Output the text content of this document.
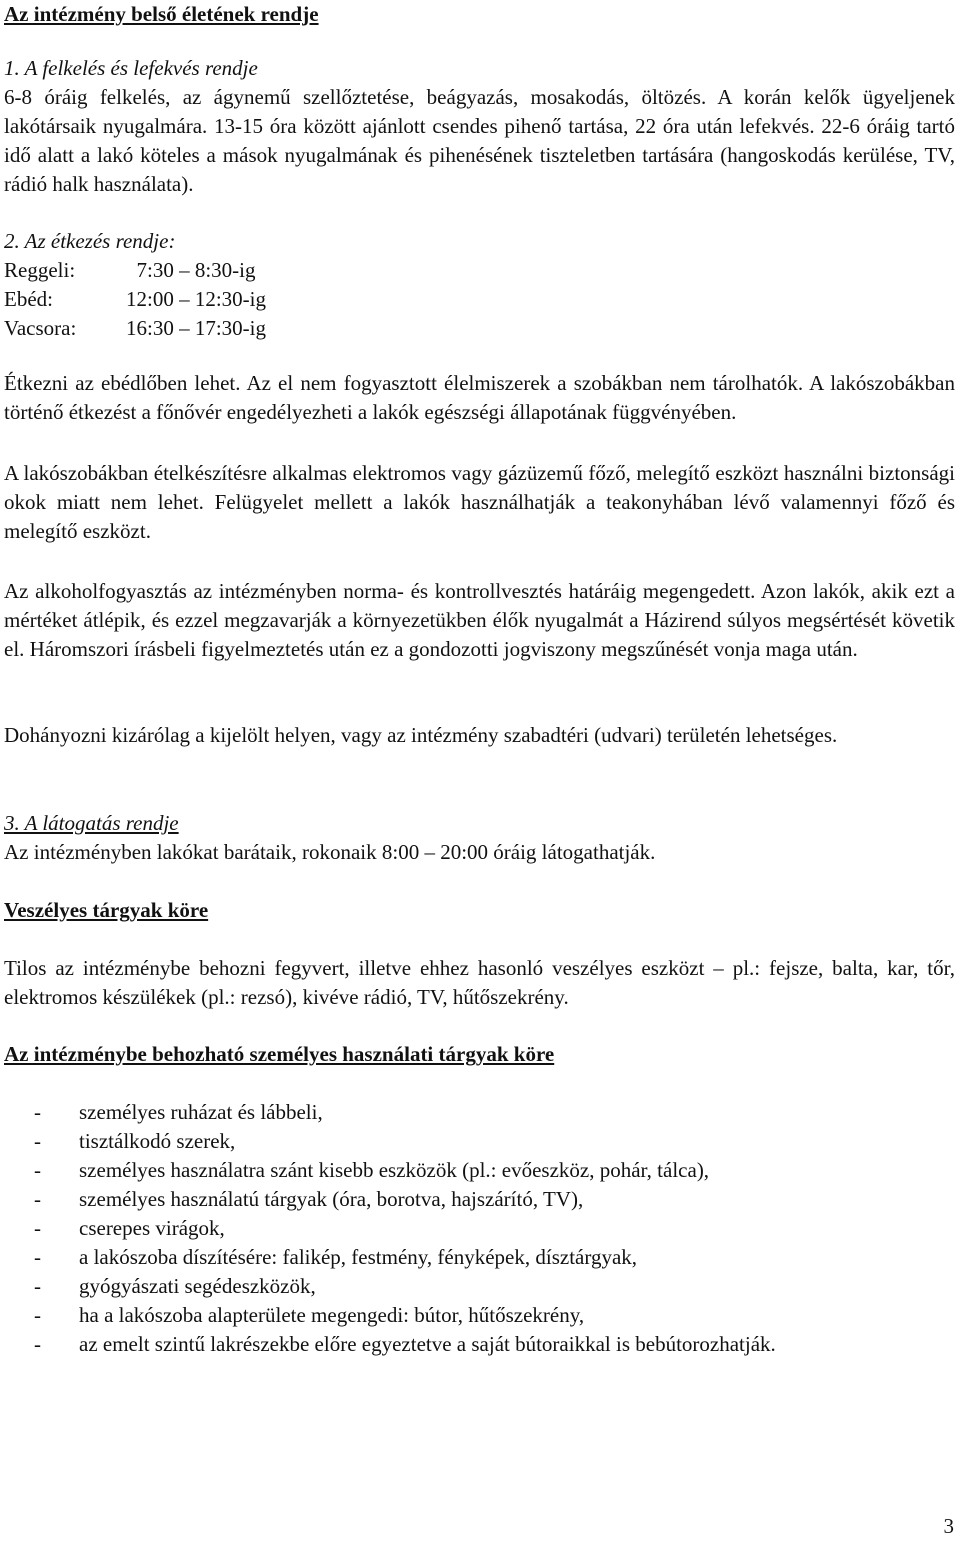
Az intézmény belső életének rendje

1. A felkelés és lefekvés rendje

6-8 óráig felkelés, az ágynemű szellőztetése, beágyazás, mosakodás, öltözés. A korán kelők ügyeljenek lakótársaik nyugalmára. 13-15 óra között ajánlott csendes pihenő tartása, 22 óra után lefekvés. 22-6 óráig tartó idő alatt a lakó köteles a mások nyugalmának és pihenésének tiszteletben tartására (hangoskodás kerülése, TV, rádió halk használata).

2. Az étkezés rendje:

Reggeli:	7:30 – 8:30-ig
Ebéd:	12:00 – 12:30-ig
Vacsora:	16:30 – 17:30-ig

Étkezni az ebédlőben lehet. Az el nem fogyasztott élelmiszerek a szobákban nem tárolhatók. A lakószobákban történő étkezést a főnővér engedélyezheti a lakók egészségi állapotának függvényében.

A lakószobákban ételkészítésre alkalmas elektromos vagy gázüzemű főző, melegítő eszközt használni biztonsági okok miatt nem lehet. Felügyelet mellett a lakók használhatják a teakonyhában lévő valamennyi főző és melegítő eszközt.

Az alkoholfogyasztás az intézményben norma- és kontrollvesztés határáig megengedett. Azon lakók, akik ezt a mértéket átlépik, és ezzel megzavarják a környezetükben élők nyugalmát a Házirend súlyos megsértését követik el. Háromszori írásbeli figyelmeztetés után ez a gondozotti jogviszony megszűnését vonja maga után.

Dohányozni kizárólag a kijelölt helyen, vagy az intézmény szabadtéri (udvari) területén lehetséges.

3. A látogatás rendje

Az intézményben lakókat barátaik, rokonaik 8:00 – 20:00 óráig látogathatják.

Veszélyes tárgyak köre

Tilos az intézménybe behozni fegyvert, illetve ehhez hasonló veszélyes eszközt – pl.: fejsze, balta, kar, tőr, elektromos készülékek (pl.: rezsó), kivéve rádió, TV, hűtőszekrény.

Az intézménybe behozható személyes használati tárgyak köre

-	személyes ruházat és lábbeli,
-	tisztálkodó szerek,
-	személyes használatra szánt kisebb eszközök (pl.: evőeszköz, pohár, tálca),
-	személyes használatú tárgyak (óra, borotva, hajszárító, TV),
-	cserepes virágok,
-	a lakószoba díszítésére: falikép, festmény, fényképek, dísztárgyak,
-	gyógyászati segédeszközök,
-	ha a lakószoba alapterülete megengedi: bútor, hűtőszekrény,
-	az emelt szintű lakrészekbe előre egyeztetve a saját bútoraikkal is bebútorozhatják.
3
